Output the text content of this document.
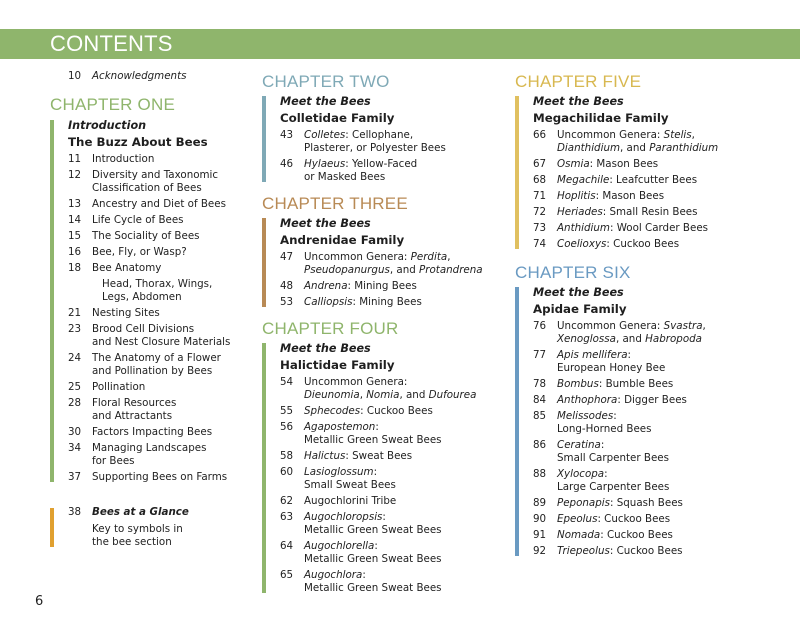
CONTENTS
10	Acknowledgments
CHAPTER ONE
Introduction
The Buzz About Bees
11	Introduction
12	Diversity and Taxonomic
Classification of Bees
13	Ancestry and Diet of Bees
14	Life Cycle of Bees
15	The Sociality of Bees
16	Bee, Fly, or Wasp?
18	Bee Anatomy
Head, Thorax, Wings,
Legs, Abdomen
21	Nesting Sites
23	Brood Cell Divisions
and Nest Closure Materials
24	The Anatomy of a Flower
and Pollination by Bees
25	Pollination
28	Floral Resources
and Attractants
30	Factors Impacting Bees
34	Managing Landscapes
for Bees
37	Supporting Bees on Farms
38	Bees at a Glance
Key to symbols in
the bee section
CHAPTER TWO
Meet the Bees
Colletidae Family
43	Colletes: Cellophane,
Plasterer, or Polyester Bees
46	Hylaeus: Yellow-Faced
or Masked Bees
CHAPTER THREE
Meet the Bees
Andrenidae Family
47	Uncommon Genera: Perdita,
Pseudopanurgus, and Protandrena
48	Andrena: Mining Bees
53	Calliopsis: Mining Bees
CHAPTER FOUR
Meet the Bees
Halictidae Family
54	Uncommon Genera:
Dieunomia, Nomia, and Dufourea
55	Sphecodes: Cuckoo Bees
56	Agapostemon:
Metallic Green Sweat Bees
58	Halictus: Sweat Bees
60	Lasioglossum:
Small Sweat Bees
62	Augochlorini Tribe
63	Augochloropsis:
Metallic Green Sweat Bees
64	Augochlorella:
Metallic Green Sweat Bees
65	Augochlora:
Metallic Green Sweat Bees
CHAPTER FIVE
Meet the Bees
Megachilidae Family
66	Uncommon Genera: Stelis,
Dianthidium, and Paranthidium
67	Osmia: Mason Bees
68	Megachile: Leafcutter Bees
71	Hoplitis: Mason Bees
72	Heriades: Small Resin Bees
73	Anthidium: Wool Carder Bees
74	Coelioxys: Cuckoo Bees
CHAPTER SIX
Meet the Bees
Apidae Family
76	Uncommon Genera: Svastra,
Xenoglossa, and Habropoda
77	Apis mellifera:
European Honey Bee
78	Bombus: Bumble Bees
84	Anthophora: Digger Bees
85	Melissodes:
Long-Horned Bees
86	Ceratina:
Small Carpenter Bees
88	Xylocopa:
Large Carpenter Bees
89	Peponapis: Squash Bees
90	Epeolus: Cuckoo Bees
91	Nomada: Cuckoo Bees
92	Triepeolus: Cuckoo Bees
6
